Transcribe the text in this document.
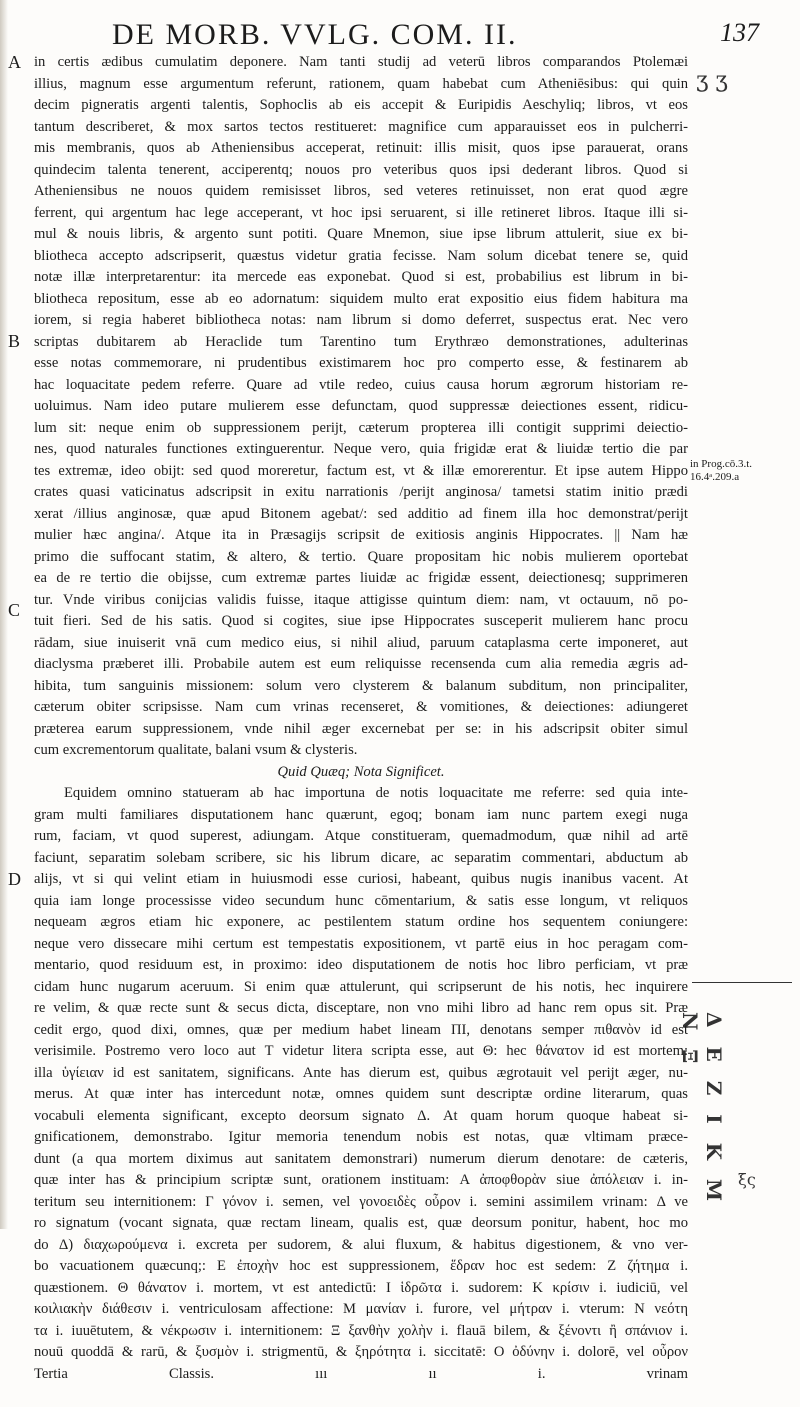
DE MORB. VVLG. COM. II.	137
A
B
C
D
in Prog.cō.3.t.
16.4ᵃ.209.a
ʒ ʒ
Δ Ε Ζ Ι Κ Μ Ν Ξ
ξς
in certis ædibus cumulatim deponere. Nam tanti studij ad veterū libros comparandos Ptolemæi
illius, magnum esse argumentum referunt, rationem, quam habebat cum Atheniēsibus: qui quin
decim pigneratis argenti talentis, Sophoclis ab eis accepit & Euripidis Aeschyliq; libros, vt eos
tantum describeret, & mox sartos tectos restitueret: magnifice cum apparauisset eos in pulcherri-
mis membranis, quos ab Atheniensibus acceperat, retinuit: illis misit, quos ipse parauerat, orans
quindecim talenta tenerent, acciperentq; nouos pro veteribus quos ipsi dederant libros. Quod si
Atheniensibus ne nouos quidem remisisset libros, sed veteres retinuisset, non erat quod ægre
ferrent, qui argentum hac lege acceperant, vt hoc ipsi seruarent, si ille retineret libros. Itaque illi si-
mul & nouis libris, & argento sunt potiti. Quare Mnemon, siue ipse librum attulerit, siue ex bi-
bliotheca accepto adscripserit, quæstus videtur gratia fecisse. Nam solum dicebat tenere se, quid
notæ illæ interpretarentur: ita mercede eas exponebat. Quod si est, probabilius est librum in bi-
bliotheca repositum, esse ab eo adornatum: siquidem multo erat expositio eius fidem habitura ma
iorem, si regia haberet bibliotheca notas: nam librum si domo deferret, suspectus erat. Nec vero
scriptas dubitarem ab Heraclide tum Tarentino tum Erythræo demonstrationes, adulterinas
esse notas commemorare, ni prudentibus existimarem hoc pro comperto esse, & festinarem ab
hac loquacitate pedem referre. Quare ad vtile redeo, cuius causa horum ægrorum historiam re-
uoluimus. Nam ideo putare mulierem esse defunctam, quod suppressæ deiectiones essent, ridicu-
lum sit: neque enim ob suppressionem perijt, cæterum propterea illi contigit supprimi deiectio-
nes, quod naturales functiones extinguerentur. Neque vero, quia frigidæ erat & liuidæ tertio die par
tes extremæ, ideo obijt: sed quod moreretur, factum est, vt & illæ emorerentur. Et ipse autem Hippo
crates quasi vaticinatus adscripsit in exitu narrationis /perijt anginosa/ tametsi statim initio prædi
xerat /illius anginosæ, quæ apud Bitonem agebat/: sed additio ad finem illa hoc demonstrat/perijt
mulier hæc angina/. Atque ita in Præsagijs scripsit de exitiosis anginis Hippocrates. || Nam hæ
primo die suffocant statim, & altero, & tertio. Quare propositam hic nobis mulierem oportebat
ea de re tertio die obijsse, cum extremæ partes liuidæ ac frigidæ essent, deiectionesq; supprimeren
tur. Vnde viribus conijcias validis fuisse, itaque attigisse quintum diem: nam, vt octauum, nō po-
tuit fieri. Sed de his satis. Quod si cogites, siue ipse Hippocrates susceperit mulierem hanc procu
rādam, siue inuiserit vnā cum medico eius, si nihil aliud, paruum cataplasma certe imponeret, aut
diaclysma præberet illi. Probabile autem est eum reliquisse recensenda cum alia remedia ægris ad-
hibita, tum sanguinis missionem: solum vero clysterem & balanum subditum, non principaliter,
cæterum obiter scripsisse. Nam cum vrinas recenseret, & vomitiones, & deiectiones: adiungeret
præterea earum suppressionem, vnde nihil æger excernebat per se: in his adscripsit obiter simul
cum excrementorum qualitate, balani vsum & clysteris.
Quid Quæq; Nota Significet.
Equidem omnino statueram ab hac importuna de notis loquacitate me referre: sed quia inte-
gram multi familiares disputationem hanc quærunt, egoq; bonam iam nunc partem exegi nuga
rum, faciam, vt quod superest, adiungam. Atque constitueram, quemadmodum, quæ nihil ad artē
faciunt, separatim solebam scribere, sic his librum dicare, ac separatim commentari, abductum ab
alijs, vt si qui velint etiam in huiusmodi esse curiosi, habeant, quibus nugis inanibus vacent. At
quia iam longe processisse video secundum hunc cōmentarium, & satis esse longum, vt reliquos
nequeam ægros etiam hic exponere, ac pestilentem statum ordine hos sequentem coniungere:
neque vero dissecare mihi certum est tempestatis expositionem, vt partē eius in hoc peragam com-
mentario, quod residuum est, in proximo: ideo disputationem de notis hoc libro perficiam, vt præ
cidam hunc nugarum aceruum. Si enim quæ attulerunt, qui scripserunt de his notis, hec inquirere
re velim, & quæ recte sunt & secus dicta, disceptare, non vno mihi libro ad hanc rem opus sit. Præ
cedit ergo, quod dixi, omnes, quæ per medium habet lineam ΠΙ, denotans semper πιθανὸν id est
verisimile. Postremo vero loco aut Τ videtur litera scripta esse, aut Θ: hec θάνατον id est mortem:
illa ὑγίειαν id est sanitatem, significans. Ante has dierum est, quibus ægrotauit vel perijt æger, nu-
merus. At quæ inter has intercedunt notæ, omnes quidem sunt descriptæ ordine literarum, quas
vocabuli elementa significant, excepto deorsum signato Δ. At quam horum quoque habeat si-
gnificationem, demonstrabo. Igitur memoria tenendum nobis est notas, quæ vltimam præce-
dunt (a qua mortem diximus aut sanitatem demonstrari) numerum dierum denotare: de cæteris,
quæ inter has & principium scriptæ sunt, orationem instituam: Α ἀποφθορὰν siue ἀπόλειαν i. in-
teritum seu internitionem: Γ γόνον i. semen, vel γονοειδὲς οὖρον i. semini assimilem vrinam: Δ ve
ro signatum (vocant signata, quæ rectam lineam, qualis est, quæ deorsum ponitur, habent, hoc mo
do Δ) διαχωρούμενα i. excreta per sudorem, & alui fluxum, & habitus digestionem, & vno ver-
bo vacuationem quæcunq;: Ε ἐποχὴν hoc est suppressionem, ἕδραν hoc est sedem: Ζ ζήτημα i.
quæstionem. Θ θάνατον i. mortem, vt est antedictū: Ι ἱδρῶτα i. sudorem: Κ κρίσιν i. iudiciū, vel
κοιλιακὴν διάθεσιν i. ventriculosam affectione: Μ μανίαν i. furore, vel μήτραν i. vterum: Ν νεότη
τα i. iuuētutem, & νέκρωσιν i. internitionem: Ξ ξανθὴν χολὴν i. flauā bilem, & ξένοντι ἢ σπάνιον i.
nouū quoddā & rarū, & ξυσμὸν i. strigmentū, & ξηρότητα i. siccitatē: Ο ὀδύνην i. dolorē, vel οὖρον
Tertia Classis. ııı ıı i. vrinam
